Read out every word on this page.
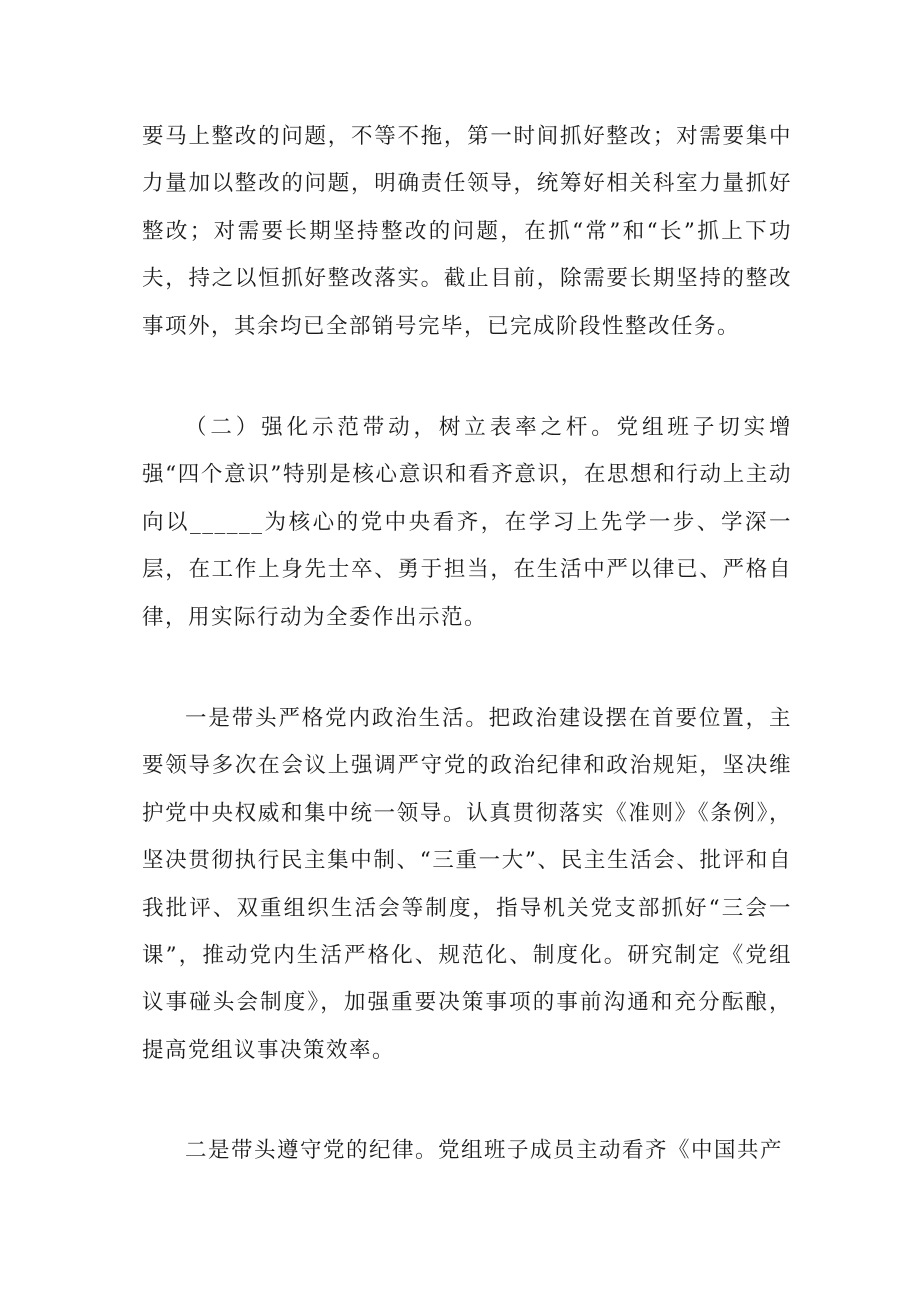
要马上整改的问题，不等不拖，第一时间抓好整改；对需要集中力量加以整改的问题，明确责任领导，统筹好相关科室力量抓好整改；对需要长期坚持整改的问题，在抓“常”和“长”抓上下功夫，持之以恒抓好整改落实。截止目前，除需要长期坚持的整改事项外，其余均已全部销号完毕，已完成阶段性整改任务。

（二）强化示范带动，树立表率之杆。党组班子切实增强“四个意识”特别是核心意识和看齐意识，在思想和行动上主动向以______为核心的党中央看齐，在学习上先学一步、学深一层，在工作上身先士卒、勇于担当，在生活中严以律已、严格自律，用实际行动为全委作出示范。

一是带头严格党内政治生活。把政治建设摆在首要位置，主要领导多次在会议上强调严守党的政治纪律和政治规矩，坚决维护党中央权威和集中统一领导。认真贯彻落实《准则》《条例》，坚决贯彻执行民主集中制、“三重一大”、民主生活会、批评和自我批评、双重组织生活会等制度，指导机关党支部抓好“三会一课”，推动党内生活严格化、规范化、制度化。研究制定《党组议事碰头会制度》，加强重要决策事项的事前沟通和充分酝酿，提高党组议事决策效率。

二是带头遵守党的纪律。党组班子成员主动看齐《中国共产
